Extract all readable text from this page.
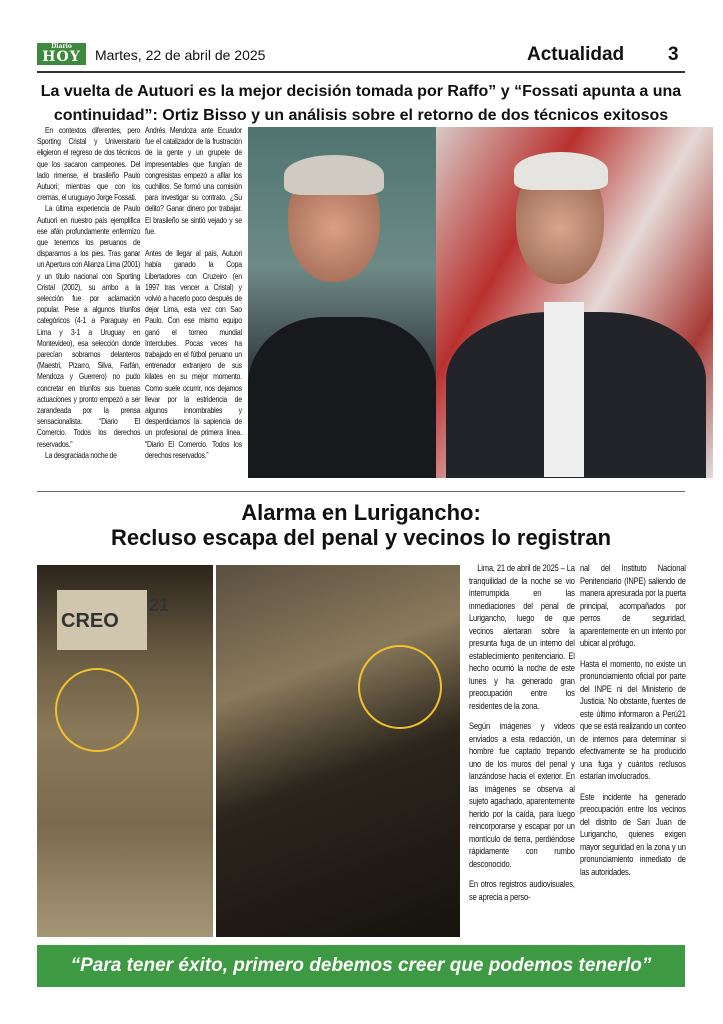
Diario
HOY	Martes, 22 de abril de 2025	Actualidad 3
La vuelta de Autuori es la mejor decisión tomada por Raffo” y “Fossati apunta a una
continuidad”: Ortiz Bisso y un análisis sobre el retorno de dos técnicos exitosos

En contextos diferentes, pero Sporting Cristal y Universitario eligieron el regreso de dos técnicos que los sacaron campeones. Del lado rimense, el brasileño Paulo Autuori; mientras que con los cremas, el uruguayo Jorge Fossati.

La última experiencia de Paulo Autuori en nuestro país ejemplifica ese afán profundamente enfermizo que tenemos los peruanos de dispararnos a los pies. Tras ganar un Apertura con Alianza Lima (2001) y un título nacional con Sporting Cristal (2002), su arribo a la selección fue por aclamación popular. Pese a algunos triunfos categóricos (4-1 a Paraguay en Lima y 3-1 a Uruguay en Montevideo), esa selección donde parecían sobrarnos delanteros (Maestri, Pizarro, Silva, Farfán, Mendoza y Guerrero) no pudo concretar en triunfos sus buenas actuaciones y pronto empezó a ser zarandeada por la prensa sensacionalista. “Diario El Comercio. Todos los derechos reservados.”

La desgraciada noche de

Andrés Mendoza ante Ecuador fue el catalizador de la frustración de la gente y un grupete de impresentables que fungían de congresistas empezó a afilar los cuchillos. Se formó una comisión para investigar su contrato. ¿Su delito? Ganar dinero por trabajar. El brasileño se sintió vejado y se fue.

Antes de llegar al país, Autuori había ganado la Copa Libertadores con Cruzeiro (en 1997 tras vencer a Cristal) y volvió a hacerlo poco después de dejar Lima, esta vez con Sao Paulo. Con ese mismo equipo ganó el torneo mundial Interclubes. Pocas veces ha trabajado en el fútbol peruano un entrenador extranjero de sus kilates en su mejor momento. Como suele ocurrir, nos dejamos llevar por la estridencia de algunos innombrables y desperdiciamos la sapiencia de un profesional de primera línea. “Diario El Comercio. Todos los derechos reservados.”

Alarma en Lurigancho:
Recluso escapa del penal y vecinos lo registran
CREO
21

Lima, 21 de abril de 2025 – La tranquilidad de la noche se vio interrumpida en las inmediaciones del penal de Lurigancho, luego de que vecinos alertaran sobre la presunta fuga de un interno del establecimiento penitenciario. El hecho ocurrió la noche de este lunes y ha generado gran preocupación entre los residentes de la zona.

Según imágenes y videos enviados a esta redacción, un hombre fue captado trepando uno de los muros del penal y lanzándose hacia el exterior. En las imágenes se observa al sujeto agachado, aparentemente herido por la caída, para luego reincorporarse y escapar por un montículo de tierra, perdiéndose rápidamente con rumbo desconocido.

En otros registros audiovisuales, se aprecia a perso-

nal del Instituto Nacional Penitenciario (INPE) saliendo de manera apresurada por la puerta principal, acompañados por perros de seguridad, aparentemente en un intento por ubicar al prófugo.

Hasta el momento, no existe un pronunciamiento oficial por parte del INPE ni del Ministerio de Justicia. No obstante, fuentes de este último informaron a Perú21 que se está realizando un conteo de internos para determinar si efectivamente se ha producido una fuga y cuántos reclusos estarían involucrados.

Este incidente ha generado preocupación entre los vecinos del distrito de San Juan de Lurigancho, quienes exigen mayor seguridad en la zona y un pronunciamiento inmediato de las autoridades.

“Para tener éxito, primero debemos creer que podemos tenerlo”
